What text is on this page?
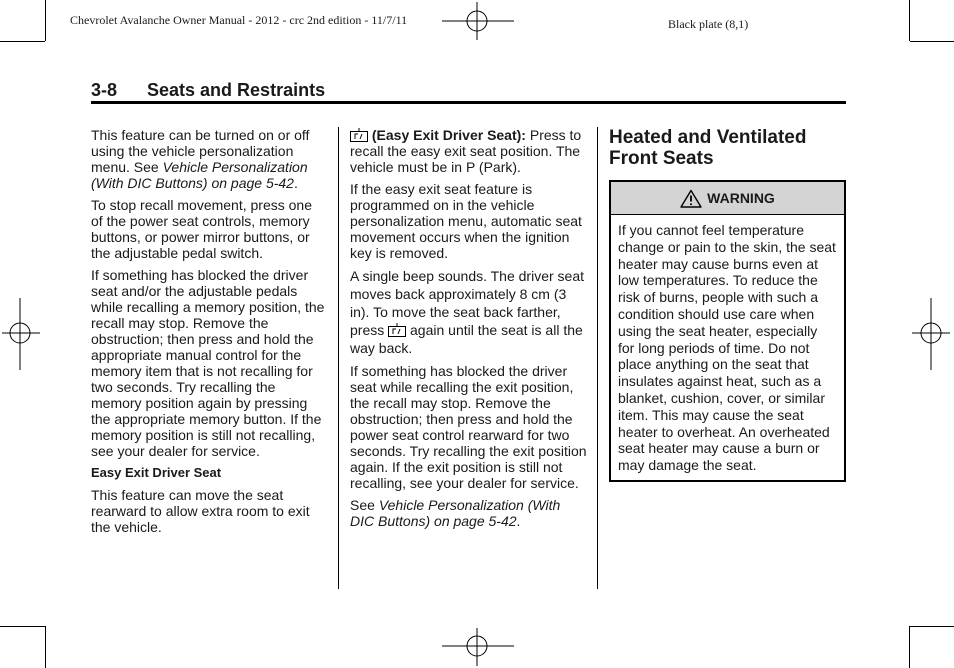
Chevrolet Avalanche Owner Manual - 2012 - crc 2nd edition - 11/7/11	Black plate (8,1)
3-8 Seats and Restraints

This feature can be turned on or off using the vehicle personalization menu. See Vehicle Personalization (With DIC Buttons) on page 5-42.

To stop recall movement, press one of the power seat controls, memory buttons, or power mirror buttons, or the adjustable pedal switch.

If something has blocked the driver seat and/or the adjustable pedals while recalling a memory position, the recall may stop. Remove the obstruction; then press and hold the appropriate manual control for the memory item that is not recalling for two seconds. Try recalling the memory position again by pressing the appropriate memory button. If the memory position is still not recalling, see your dealer for service.

Easy Exit Driver Seat

This feature can move the seat rearward to allow extra room to exit the vehicle.

(Easy Exit Driver Seat): Press to recall the easy exit seat position. The vehicle must be in P (Park).

If the easy exit seat feature is programmed on in the vehicle personalization menu, automatic seat movement occurs when the ignition key is removed.

A single beep sounds. The driver seat moves back approximately 8 cm (3 in). To move the seat back farther, press  again until the seat is all the way back.

If something has blocked the driver seat while recalling the exit position, the recall may stop. Remove the obstruction; then press and hold the power seat control rearward for two seconds. Try recalling the exit position again. If the exit position is still not recalling, see your dealer for service.

See Vehicle Personalization (With DIC Buttons) on page 5-42.

Heated and Ventilated Front Seats
WARNING
If you cannot feel temperature change or pain to the skin, the seat heater may cause burns even at low temperatures. To reduce the risk of burns, people with such a condition should use care when using the seat heater, especially for long periods of time. Do not place anything on the seat that insulates against heat, such as a blanket, cushion, cover, or similar item. This may cause the seat heater to overheat. An overheated seat heater may cause a burn or may damage the seat.
